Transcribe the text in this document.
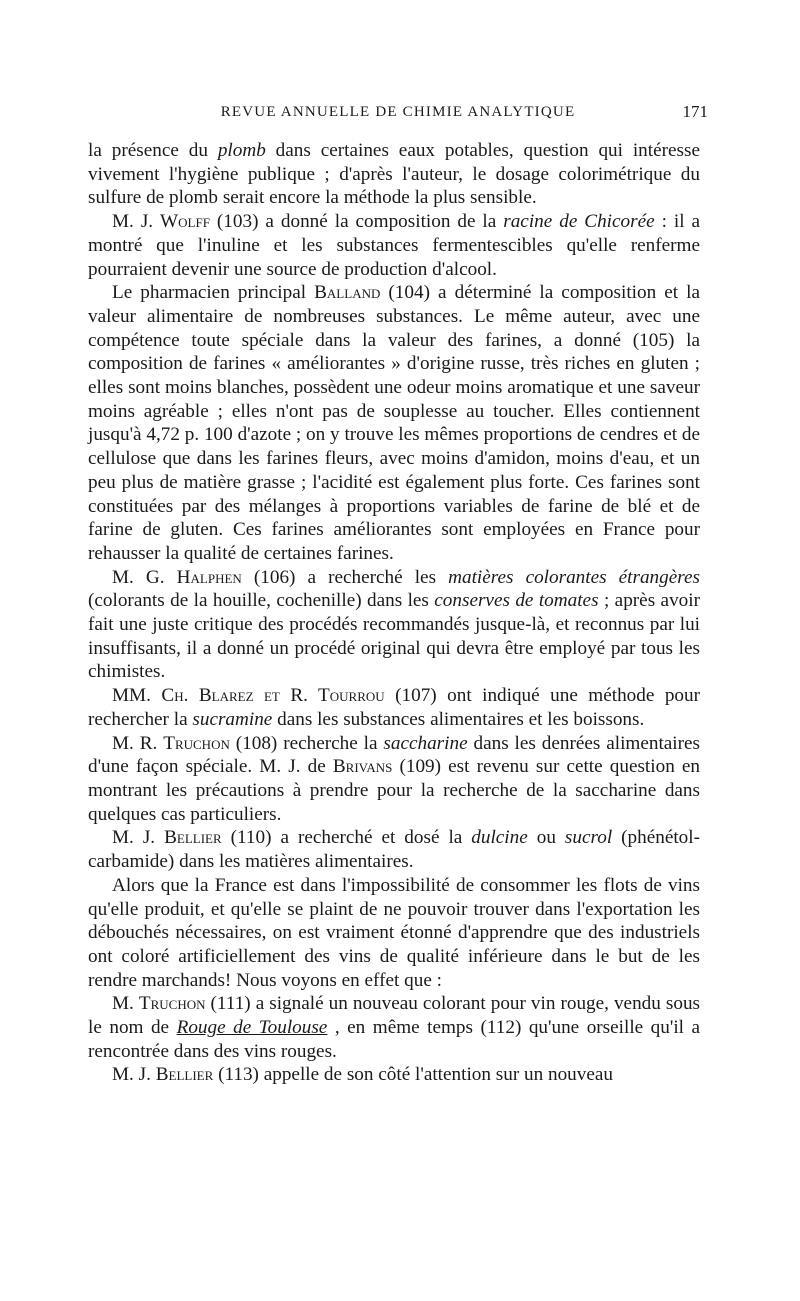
REVUE ANNUELLE DE CHIMIE ANALYTIQUE	171

la présence du plomb dans certaines eaux potables, question qui intéresse vivement l'hygiène publique ; d'après l'auteur, le dosage colorimétrique du sulfure de plomb serait encore la méthode la plus sensible.

M. J. Wolff (103) a donné la composition de la racine de Chicorée : il a montré que l'inuline et les substances fermentescibles qu'elle renferme pourraient devenir une source de production d'alcool.

Le pharmacien principal Balland (104) a déterminé la composition et la valeur alimentaire de nombreuses substances. Le même auteur, avec une compétence toute spéciale dans la valeur des farines, a donné (105) la composition de farines « améliorantes » d'origine russe, très riches en gluten ; elles sont moins blanches, possèdent une odeur moins aromatique et une saveur moins agréable ; elles n'ont pas de souplesse au toucher. Elles contiennent jusqu'à 4,72 p. 100 d'azote ; on y trouve les mêmes proportions de cendres et de cellulose que dans les farines fleurs, avec moins d'amidon, moins d'eau, et un peu plus de matière grasse ; l'acidité est également plus forte. Ces farines sont constituées par des mélanges à proportions variables de farine de blé et de farine de gluten. Ces farines améliorantes sont employées en France pour rehausser la qualité de certaines farines.

M. G. Halphen (106) a recherché les matières colorantes étrangères (colorants de la houille, cochenille) dans les conserves de tomates ; après avoir fait une juste critique des procédés recommandés jusque-là, et reconnus par lui insuffisants, il a donné un procédé original qui devra être employé par tous les chimistes.

MM. Ch. Blarez et R. Tourrou (107) ont indiqué une méthode pour rechercher la sucramine dans les substances alimentaires et les boissons.

M. R. Truchon (108) recherche la saccharine dans les denrées alimentaires d'une façon spéciale. M. J. de Brivans (109) est revenu sur cette question en montrant les précautions à prendre pour la recherche de la saccharine dans quelques cas particuliers.

M. J. Bellier (110) a recherché et dosé la dulcine ou sucrol (phénétol-carbamide) dans les matières alimentaires.

Alors que la France est dans l'impossibilité de consommer les flots de vins qu'elle produit, et qu'elle se plaint de ne pouvoir trouver dans l'exportation les débouchés nécessaires, on est vraiment étonné d'apprendre que des industriels ont coloré artificiellement des vins de qualité inférieure dans le but de les rendre marchands! Nous voyons en effet que :

M. Truchon (111) a signalé un nouveau colorant pour vin rouge, vendu sous le nom de Rouge de Toulouse , en même temps (112) qu'une orseille qu'il a rencontrée dans des vins rouges.

M. J. Bellier (113) appelle de son côté l'attention sur un nouveau
